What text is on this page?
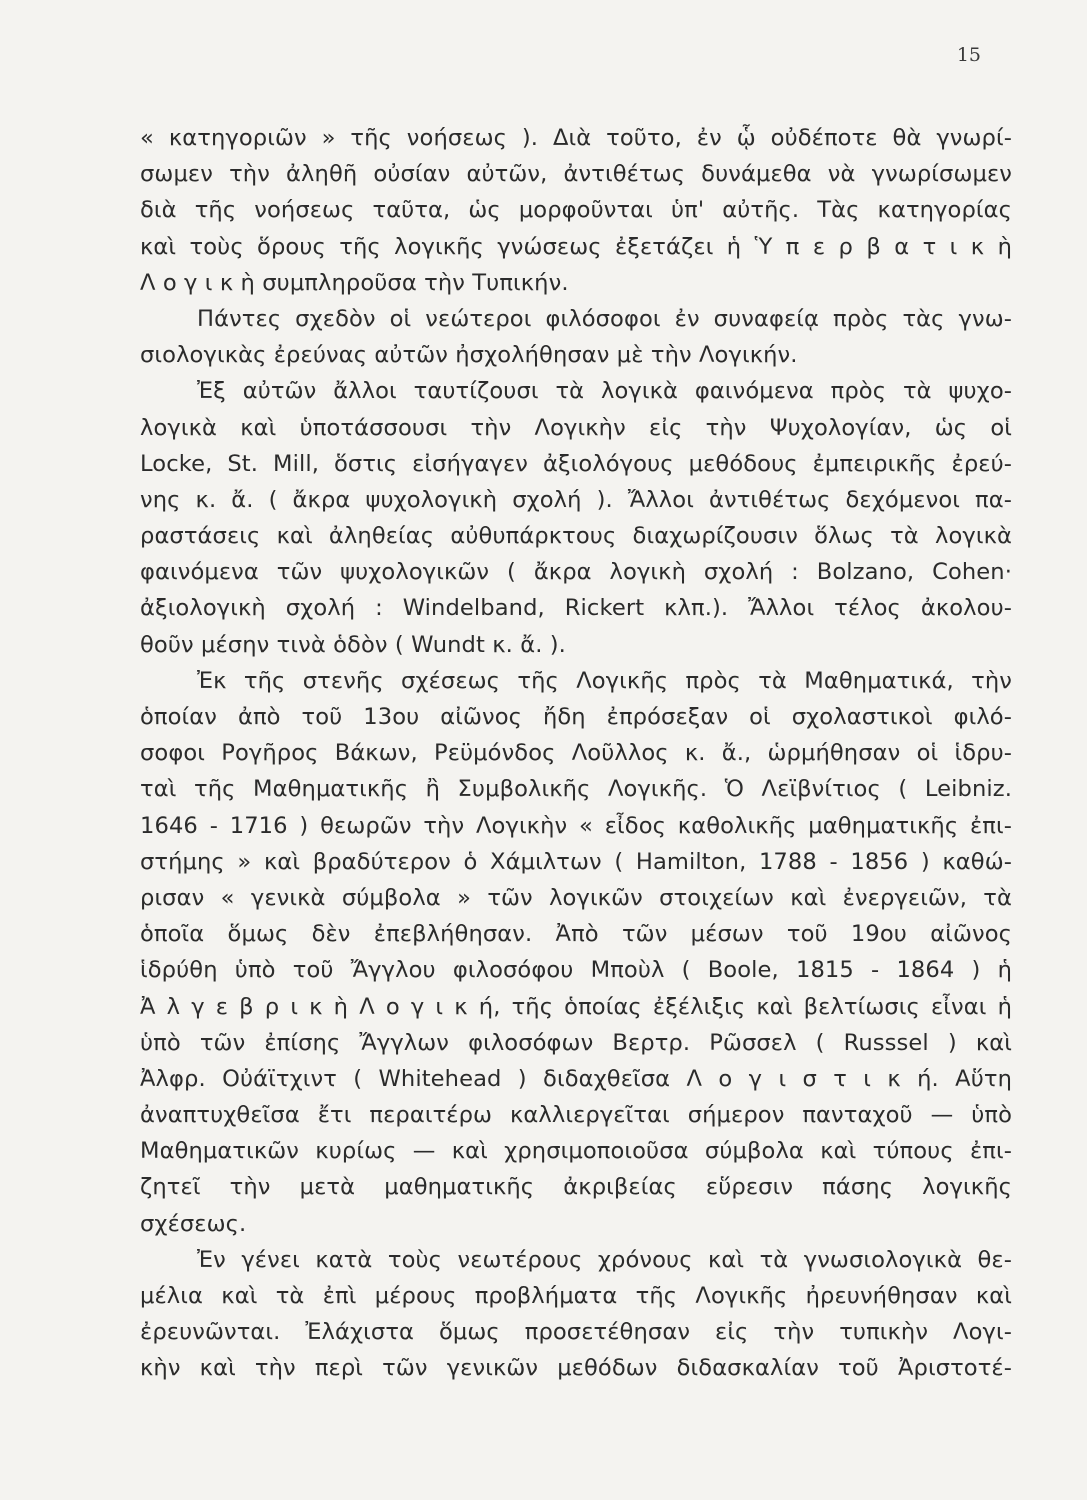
15
« κατηγοριῶν » τῆς νοήσεως ). Διὰ τοῦτο, ἐν ᾧ οὐδέποτε θὰ γνωρί-
σωμεν τὴν ἀληθῆ οὐσίαν αὐτῶν, ἀντιθέτως δυνάμεθα νὰ γνωρίσωμεν
διὰ τῆς νοήσεως ταῦτα, ὡς μορφοῦνται ὑπ' αὐτῆς. Τὰς κατηγορίας
καὶ τοὺς ὅρους τῆς λογικῆς γνώσεως ἐξετάζει ἡ Ὑ π ε ρ β α τ ι κ ὴ
Λ ο γ ι κ ὴ συμπληροῦσα τὴν Τυπικήν.
Πάντες σχεδὸν οἱ νεώτεροι φιλόσοφοι ἐν συναφείᾳ πρὸς τὰς γνω-
σιολογικὰς ἐρεύνας αὐτῶν ἠσχολήθησαν μὲ τὴν Λογικήν.
Ἐξ αὐτῶν ἄλλοι ταυτίζουσι τὰ λογικὰ φαινόμενα πρὸς τὰ ψυχο-
λογικὰ καὶ ὑποτάσσουσι τὴν Λογικὴν εἰς τὴν Ψυχολογίαν, ὡς οἱ
Locke, St. Mill, ὅστις εἰσήγαγεν ἀξιολόγους μεθόδους ἐμπειρικῆς ἐρεύ-
νης κ. ἄ. ( ἄκρα ψυχολογικὴ σχολή ). Ἄλλοι ἀντιθέτως δεχόμενοι πα-
ραστάσεις καὶ ἀληθείας αὐθυπάρκτους διαχωρίζουσιν ὅλως τὰ λογικὰ
φαινόμενα τῶν ψυχολογικῶν ( ἄκρα λογικὴ σχολή : Bolzano, Cohen·
ἀξιολογικὴ σχολή : Windelband, Rickert κλπ.). Ἄλλοι τέλος ἀκολου-
θοῦν μέσην τινὰ ὁδὸν ( Wundt κ. ἄ. ).
Ἐκ τῆς στενῆς σχέσεως τῆς Λογικῆς πρὸς τὰ Μαθηματικά, τὴν
ὁποίαν ἀπὸ τοῦ 13ου αἰῶνος ἤδη ἐπρόσεξαν οἱ σχολαστικοὶ φιλό-
σοφοι Ρογῆρος Βάκων, Ρεϋμόνδος Λοῦλλος κ. ἄ., ὡρμήθησαν οἱ ἱδρυ-
ταὶ τῆς Μαθηματικῆς ἢ Συμβολικῆς Λογικῆς. Ὁ Λεϊβνίτιος ( Leibniz.
1646 - 1716 ) θεωρῶν τὴν Λογικὴν « εἶδος καθολικῆς μαθηματικῆς ἐπι-
στήμης » καὶ βραδύτερον ὁ Χάμιλτων ( Hamilton, 1788 - 1856 ) καθώ-
ρισαν « γενικὰ σύμβολα » τῶν λογικῶν στοιχείων καὶ ἐνεργειῶν, τὰ
ὁποῖα ὅμως δὲν ἐπεβλήθησαν. Ἀπὸ τῶν μέσων τοῦ 19ου αἰῶνος
ἱδρύθη ὑπὸ τοῦ Ἄγγλου φιλοσόφου Μποὺλ ( Boole, 1815 - 1864 ) ἡ
Ἀ λ γ ε β ρ ι κ ὴ Λ ο γ ι κ ή, τῆς ὁποίας ἐξέλιξις καὶ βελτίωσις εἶναι ἡ
ὑπὸ τῶν ἐπίσης Ἄγγλων φιλοσόφων Βερτρ. Ρῶσσελ ( Russsel ) καὶ
Ἀλφρ. Οὐάϊτχιντ ( Whitehead ) διδαχθεῖσα Λ ο γ ι σ τ ι κ ή. Αὕτη
ἀναπτυχθεῖσα ἔτι περαιτέρω καλλιεργεῖται σήμερον πανταχοῦ — ὑπὸ
Μαθηματικῶν κυρίως — καὶ χρησιμοποιοῦσα σύμβολα καὶ τύπους ἐπι-
ζητεῖ τὴν μετὰ μαθηματικῆς ἀκριβείας εὕρεσιν πάσης λογικῆς
σχέσεως.
Ἐν γένει κατὰ τοὺς νεωτέρους χρόνους καὶ τὰ γνωσιολογικὰ θε-
μέλια καὶ τὰ ἐπὶ μέρους προβλήματα τῆς Λογικῆς ἠρευνήθησαν καὶ
ἐρευνῶνται. Ἐλάχιστα ὅμως προσετέθησαν εἰς τὴν τυπικὴν Λογι-
κὴν καὶ τὴν περὶ τῶν γενικῶν μεθόδων διδασκαλίαν τοῦ Ἀριστοτέ-
